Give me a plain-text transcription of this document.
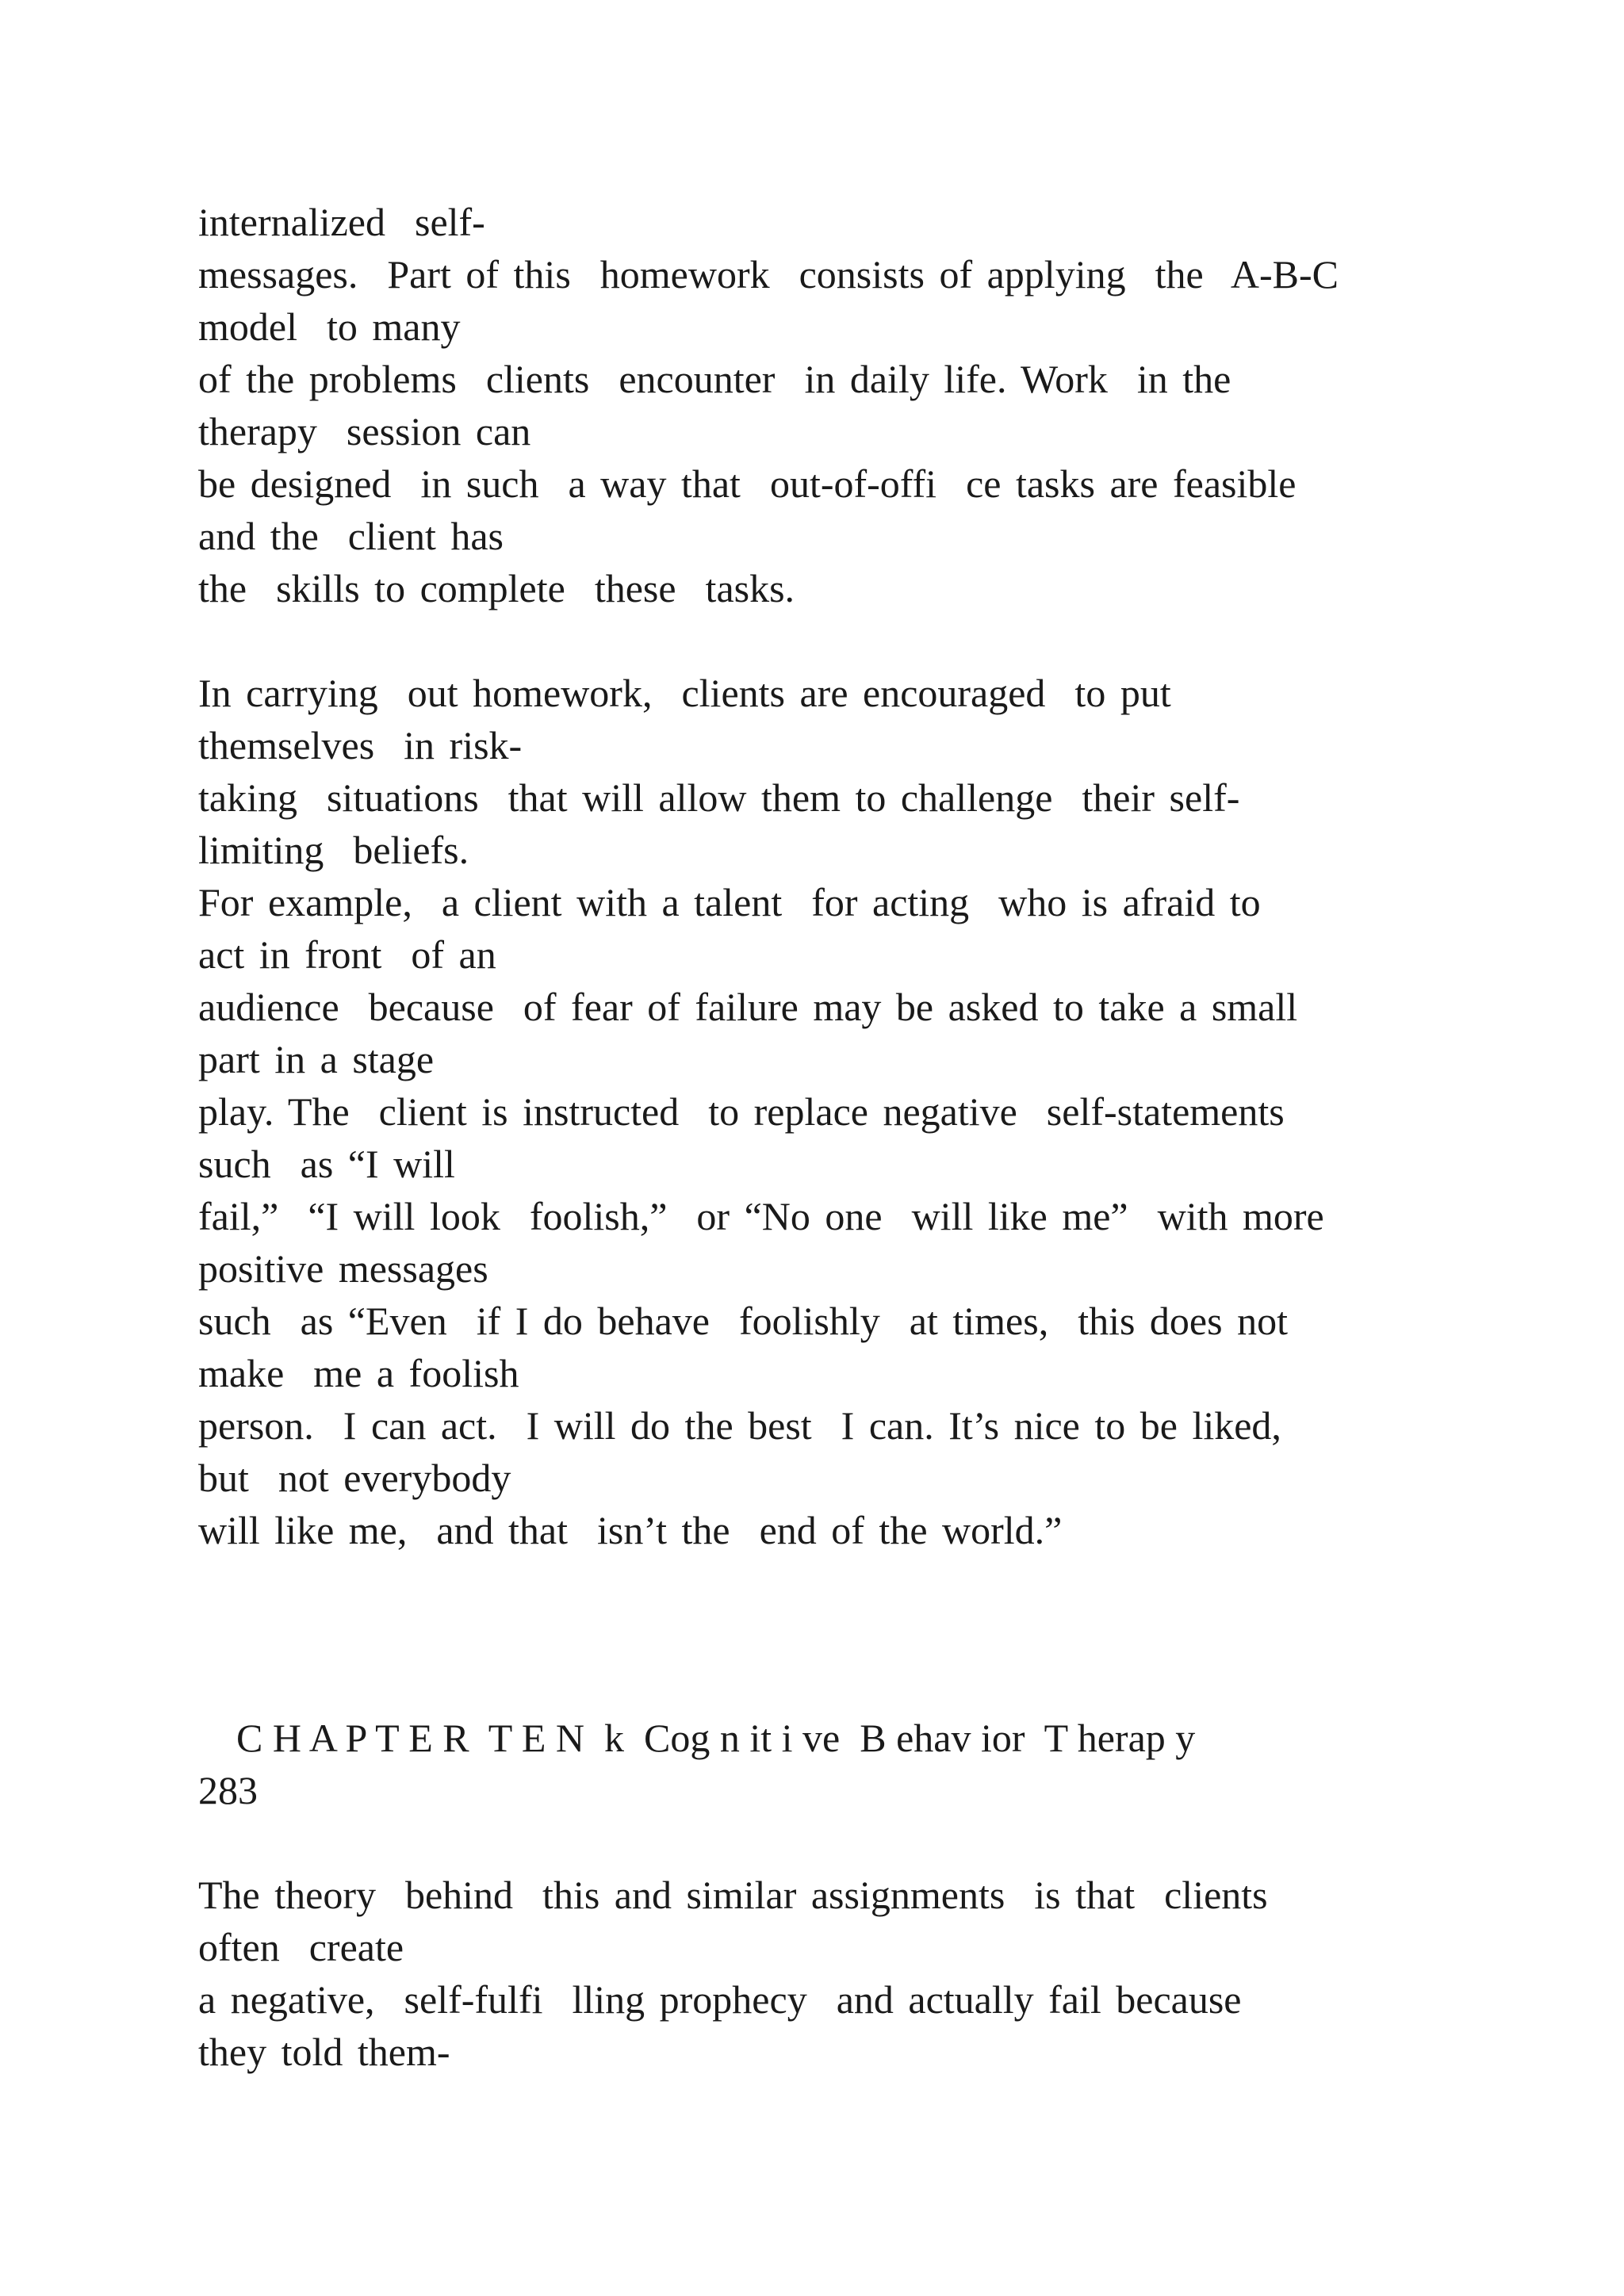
internalized  self-
messages.  Part of this  homework  consists of applying  the  A-B-C
model  to many
of the problems  clients  encounter  in daily life. Work  in the
therapy  session can
be designed  in such  a way that  out-of-offi  ce tasks are feasible
and the  client has
the  skills to complete  these  tasks.
In carrying  out homework,  clients are encouraged  to put
themselves  in risk-
taking  situations  that will allow them to challenge  their self-
limiting  beliefs.
For example,  a client with a talent  for acting  who is afraid to
act in front  of an
audience  because  of fear of failure may be asked to take a small
part in a stage
play. The  client is instructed  to replace negative  self-statements
such  as “I will
fail,”  “I will look  foolish,”  or “No one  will like me”  with more
positive messages
such  as “Even  if I do behave  foolishly  at times,  this does not
make  me a foolish
person.  I can act.  I will do the best  I can. It’s nice to be liked,
but  not everybody
will like me,  and that  isn’t the  end of the world.”
C H A P T E R  T E N  k  Cog n it i ve  B ehav ior  T herap y
283
The theory  behind  this and similar assignments  is that  clients
often  create
a negative,  self-fulfi  lling prophecy  and actually fail because
they told them-
